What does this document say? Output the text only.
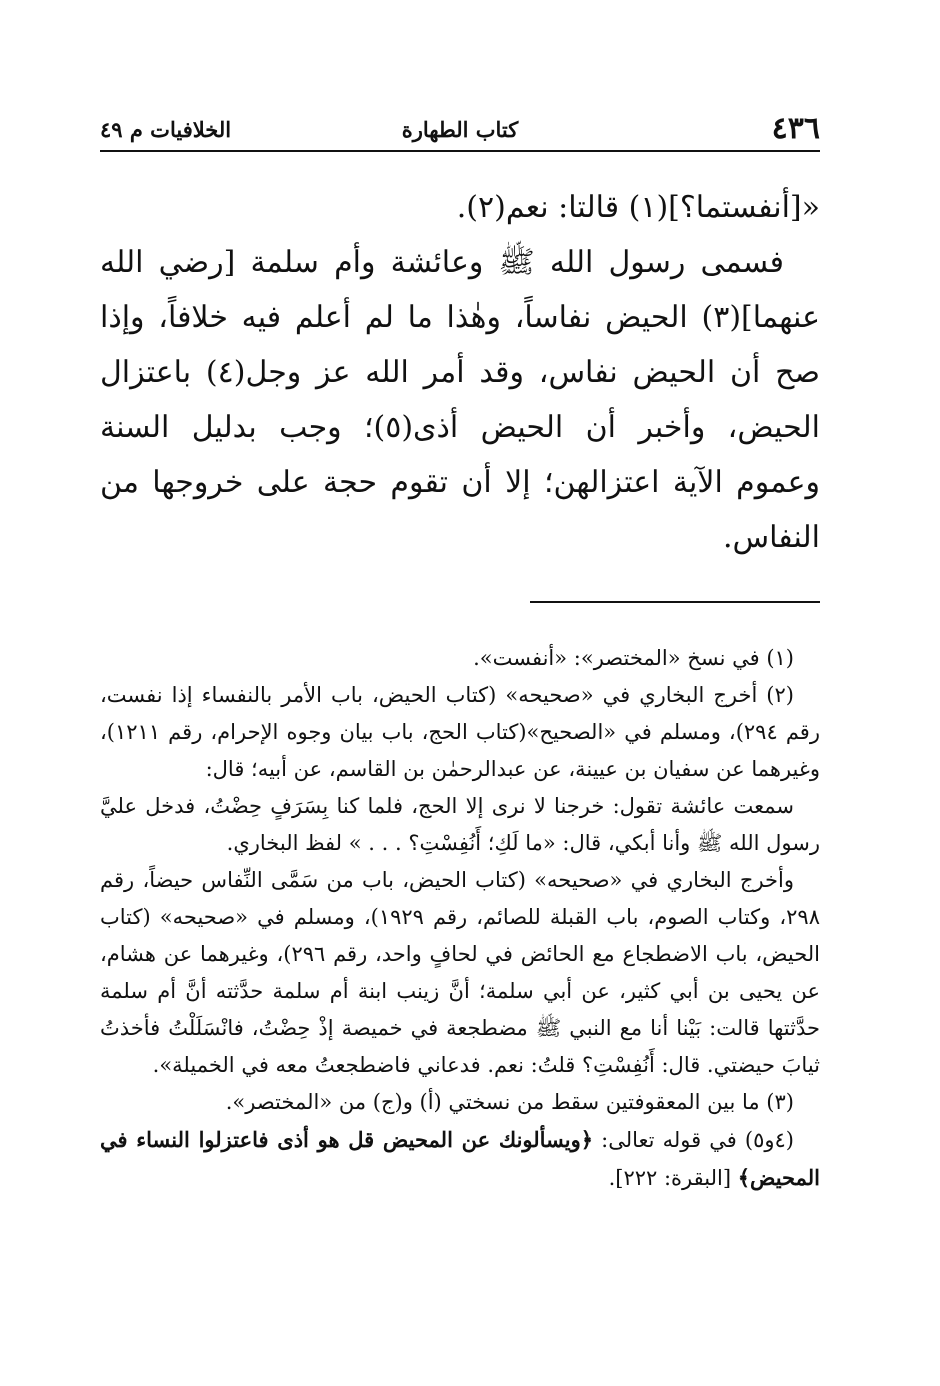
٤٣٦
كتاب الطهارة
الخلافيات م ٤٩

«[أنفستما؟](١) قالتا: نعم(٢).

فسمى رسول الله ﷺ وعائشة وأم سلمة [رضي الله عنهما](٣) الحيض نفاساً، وهٰذا ما لم أعلم فيه خلافاً، وإذا صح أن الحيض نفاس، وقد أمر الله عز وجل(٤) باعتزال الحيض، وأخبر أن الحيض أذى(٥)؛ وجب بدليل السنة وعموم الآية اعتزالهن؛ إلا أن تقوم حجة على خروجها من النفاس.

(١) في نسخ «المختصر»: «أنفست».

(٢) أخرج البخاري في «صحيحه» (كتاب الحيض، باب الأمر بالنفساء إذا نفست، رقم ٢٩٤)، ومسلم في «الصحيح»(كتاب الحج، باب بيان وجوه الإحرام، رقم ١٢١١)، وغيرهما عن سفيان بن عيينة، عن عبدالرحمٰن بن القاسم، عن أبيه؛ قال:

سمعت عائشة تقول: خرجنا لا نرى إلا الحج، فلما كنا بِسَرَفٍ حِضْتُ، فدخل عليَّ رسول الله ﷺ وأنا أبكي، قال: «ما لَكِ؛ أَنُفِسْتِ؟ . . . » لفظ البخاري.

وأخرج البخاري في «صحيحه» (كتاب الحيض، باب من سَمَّى النِّفاس حيضاً، رقم ٢٩٨، وكتاب الصوم، باب القبلة للصائم، رقم ١٩٢٩)، ومسلم في «صحيحه» (كتاب الحيض، باب الاضطجاع مع الحائض في لحافٍ واحد، رقم ٢٩٦)، وغيرهما عن هشام، عن يحيى بن أبي كثير، عن أبي سلمة؛ أنَّ زينب ابنة أم سلمة حدَّثته أنَّ أم سلمة حدَّثتها قالت: بَيْنا أنا مع النبي ﷺ مضطجعة في خميصة إذْ حِضْتُ، فانْسَلَلْتُ فأخذتُ ثيابَ حيضتي. قال: أَنُفِسْتِ؟ قلتُ: نعم. فدعاني فاضطجعتُ معه في الخميلة».

(٣) ما بين المعقوفتين سقط من نسختي (أ) و(ج) من «المختصر».

(٤و٥) في قوله تعالى: ﴿ويسألونك عن المحيض قل هو أذى فاعتزلوا النساء في المحيض﴾ [البقرة: ٢٢٢].
